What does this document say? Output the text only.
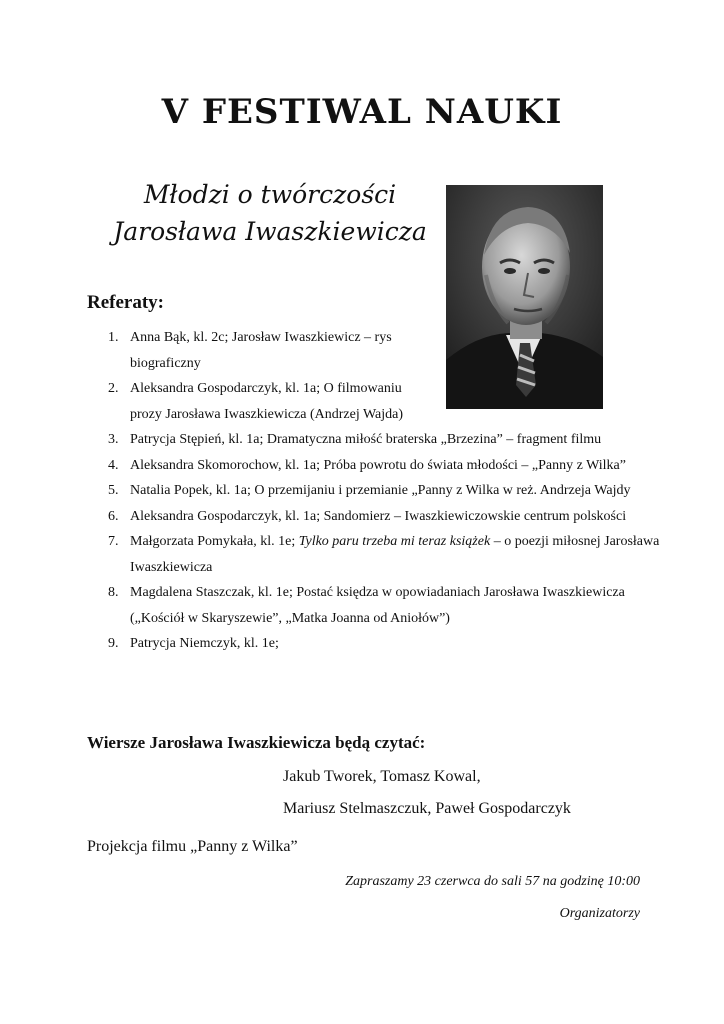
V FESTIWAL NAUKI
Młodzi o twórczości
Jarosława Iwaszkiewicza
Referaty:
1. Anna Bąk, kl. 2c; Jarosław Iwaszkiewicz – rys biograficzny
2. Aleksandra Gospodarczyk, kl. 1a; O filmowaniu prozy Jarosława Iwaszkiewicza (Andrzej Wajda)
3. Patrycja Stępień, kl. 1a; Dramatyczna miłość braterska „Brzezina” – fragment filmu
4. Aleksandra Skomorochow, kl. 1a; Próba powrotu do świata młodości – „Panny z Wilka”
5. Natalia Popek, kl. 1a; O przemijaniu i przemianie „Panny z Wilka w reż. Andrzeja Wajdy
6. Aleksandra Gospodarczyk, kl. 1a; Sandomierz – Iwaszkiewiczowskie centrum polskości
7. Małgorzata Pomykała, kl. 1e; Tylko paru trzeba mi teraz książek – o poezji miłosnej Jarosława Iwaszkiewicza
8. Magdalena Staszczak, kl. 1e; Postać księdza w opowiadaniach Jarosława Iwaszkiewicza („Kościół w Skaryszewie”, „Matka Joanna od Aniołów”)
9. Patrycja Niemczyk, kl. 1e;
Wiersze Jarosława Iwaszkiewicza będą czytać:
Jakub Tworek, Tomasz Kowal,
Mariusz Stelmaszczuk, Paweł Gospodarczyk
Projekcja filmu „Panny z Wilka”
Zapraszamy 23 czerwca do sali 57 na godzinę 10:00
Organizatorzy
